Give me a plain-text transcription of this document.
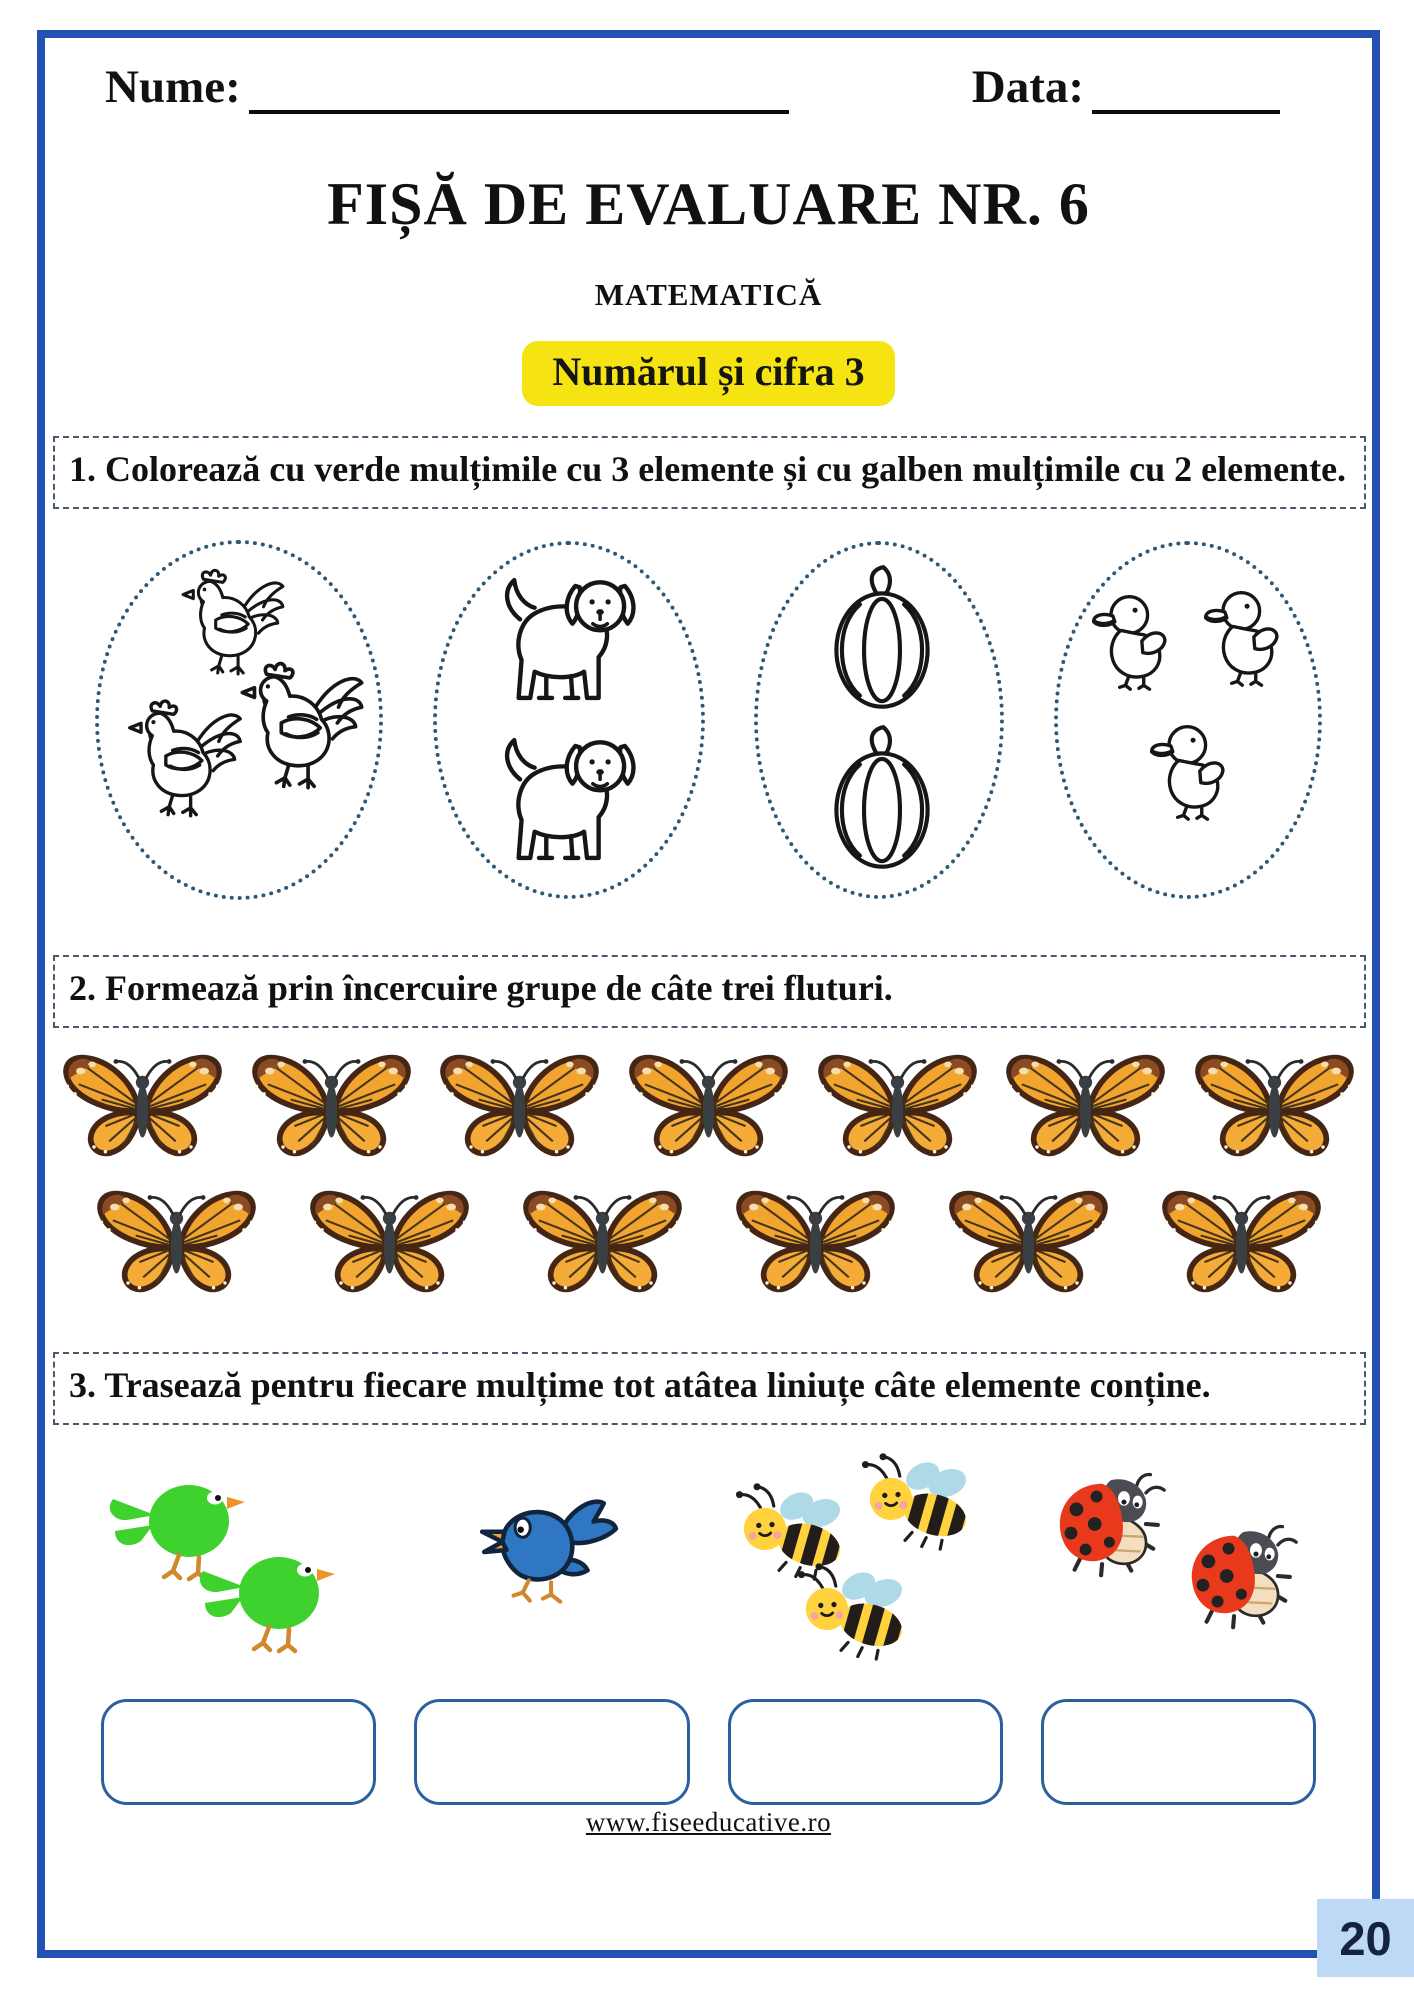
Nume:	Data:
FIȘĂ DE EVALUARE NR. 6
MATEMATICĂ
Numărul și cifra 3
1. Colorează cu verde mulțimile cu 3 elemente și cu galben mulțimile cu 2 elemente.
2. Formează prin încercuire grupe de câte trei fluturi.
3. Trasează pentru fiecare mulțime tot atâtea liniuțe câte elemente conține.
www.fiseeducative.ro
20
